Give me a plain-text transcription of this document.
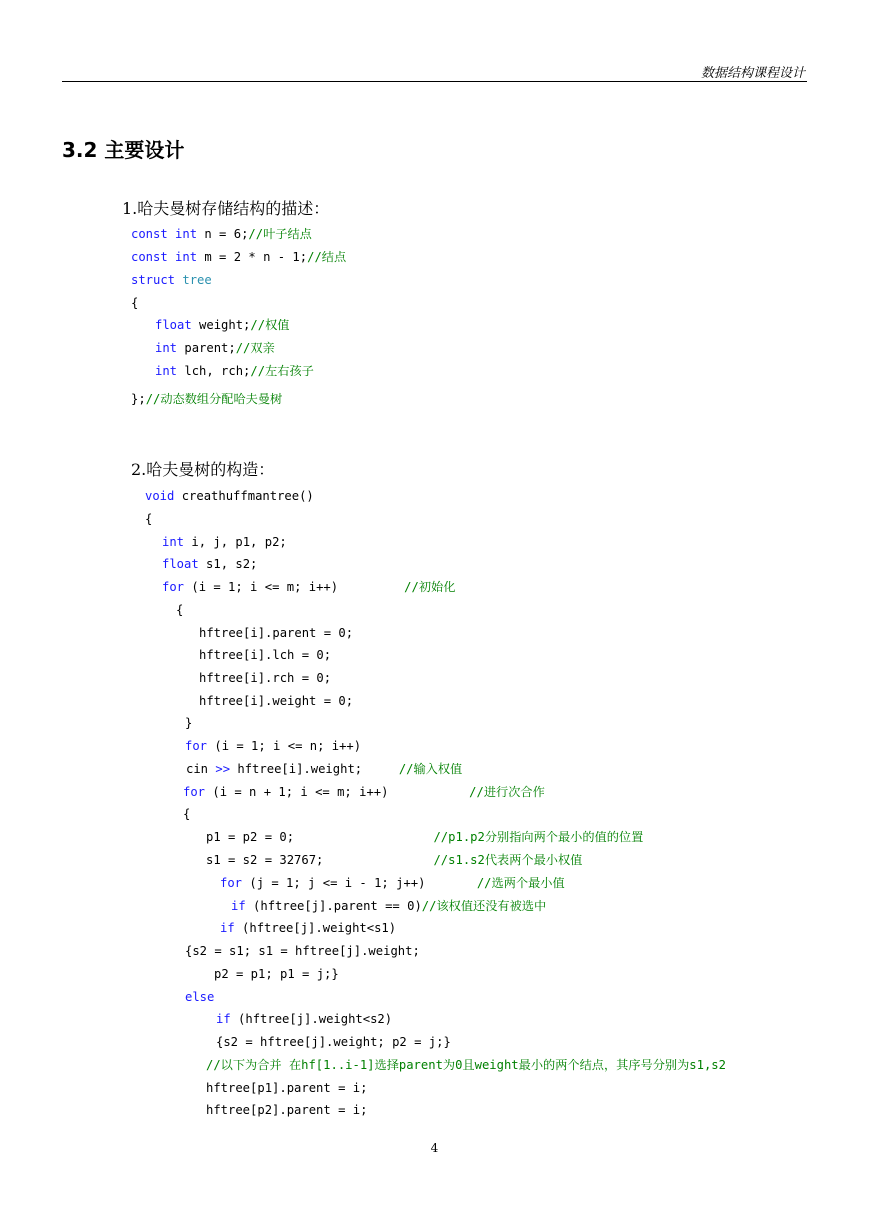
数据结构课程设计
3.2 主要设计
1.哈夫曼树存储结构的描述：
const int n = 6;//叶子结点
const int m = 2 * n - 1;//结点
struct tree
{
float weight;//权值
int parent;//双亲
int lch, rch;//左右孩子
};//动态数组分配哈夫曼树
2.哈夫曼树的构造：
void creathuffmantree()
{
int i, j, p1, p2;
float s1, s2;
for (i = 1; i <= m; i++)         //初始化
{
hftree[i].parent = 0;
hftree[i].lch = 0;
hftree[i].rch = 0;
hftree[i].weight = 0;
}
for (i = 1; i <= n; i++)
cin >> hftree[i].weight;     //输入权值
for (i = n + 1; i <= m; i++)           //进行次合作
{
p1 = p2 = 0;                   //p1.p2分别指向两个最小的值的位置
s1 = s2 = 32767;               //s1.s2代表两个最小权值
for (j = 1; j <= i - 1; j++)       //选两个最小值
if (hftree[j].parent == 0)//该权值还没有被选中
if (hftree[j].weight<s1)
{s2 = s1; s1 = hftree[j].weight;
p2 = p1; p1 = j;}
else
if (hftree[j].weight<s2)
{s2 = hftree[j].weight; p2 = j;}
//以下为合并 在hf[1..i-1]选择parent为0且weight最小的两个结点，其序号分别为s1,s2
hftree[p1].parent = i;
hftree[p2].parent = i;
4
